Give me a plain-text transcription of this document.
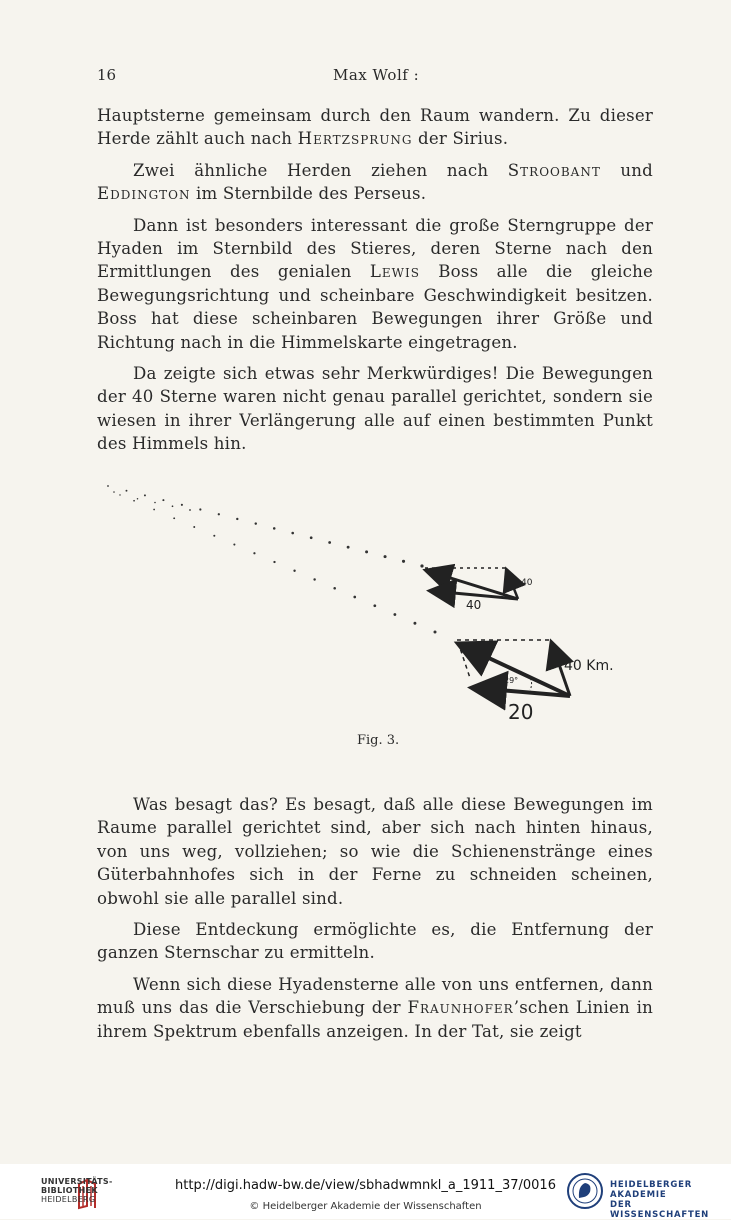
16	Max Wolf :

Hauptsterne gemeinsam durch den Raum wandern. Zu dieser Herde zählt auch nach Hertzsprung der Sirius.

Zwei ähnliche Herden ziehen nach Stroobant und Eddington im Sternbilde des Perseus.

Dann ist besonders interessant die große Sterngruppe der Hyaden im Sternbild des Stieres, deren Sterne nach den Ermittlungen des genialen Lewis Boss alle die gleiche Bewegungsrichtung und scheinbare Geschwindigkeit besitzen. Boss hat diese scheinbaren Bewegungen ihrer Größe und Richtung nach in die Himmelskarte eingetragen.

Da zeigte sich etwas sehr Merkwürdiges! Die Bewegungen der 40 Sterne waren nicht genau parallel gerichtet, sondern sie wiesen in ihrer Verlängerung alle auf einen bestimmten Punkt des Himmels hin.

40
40
40 Km.
29°
20
Fig. 3.

Was besagt das? Es besagt, daß alle diese Bewegungen im Raume parallel gerichtet sind, aber sich nach hinten hinaus, von uns weg, vollziehen; so wie die Schienenstränge eines Güterbahnhofes sich in der Ferne zu schneiden scheinen, obwohl sie alle parallel sind.

Diese Entdeckung ermöglichte es, die Entfernung der ganzen Sternschar zu ermitteln.

Wenn sich diese Hyadensterne alle von uns entfernen, dann muß uns das die Verschiebung der Fraunhofer’schen Linien in ihrem Spektrum ebenfalls anzeigen. In der Tat, sie zeigt

UNIVERSITÄTS-
BIBLIOTHEK
HEIDELBERG
http://digi.hadw-bw.de/view/sbhadwmnkl_a_1911_37/0016
© Heidelberger Akademie der Wissenschaften
HEIDELBERGER AKADEMIE
DER WISSENSCHAFTEN
